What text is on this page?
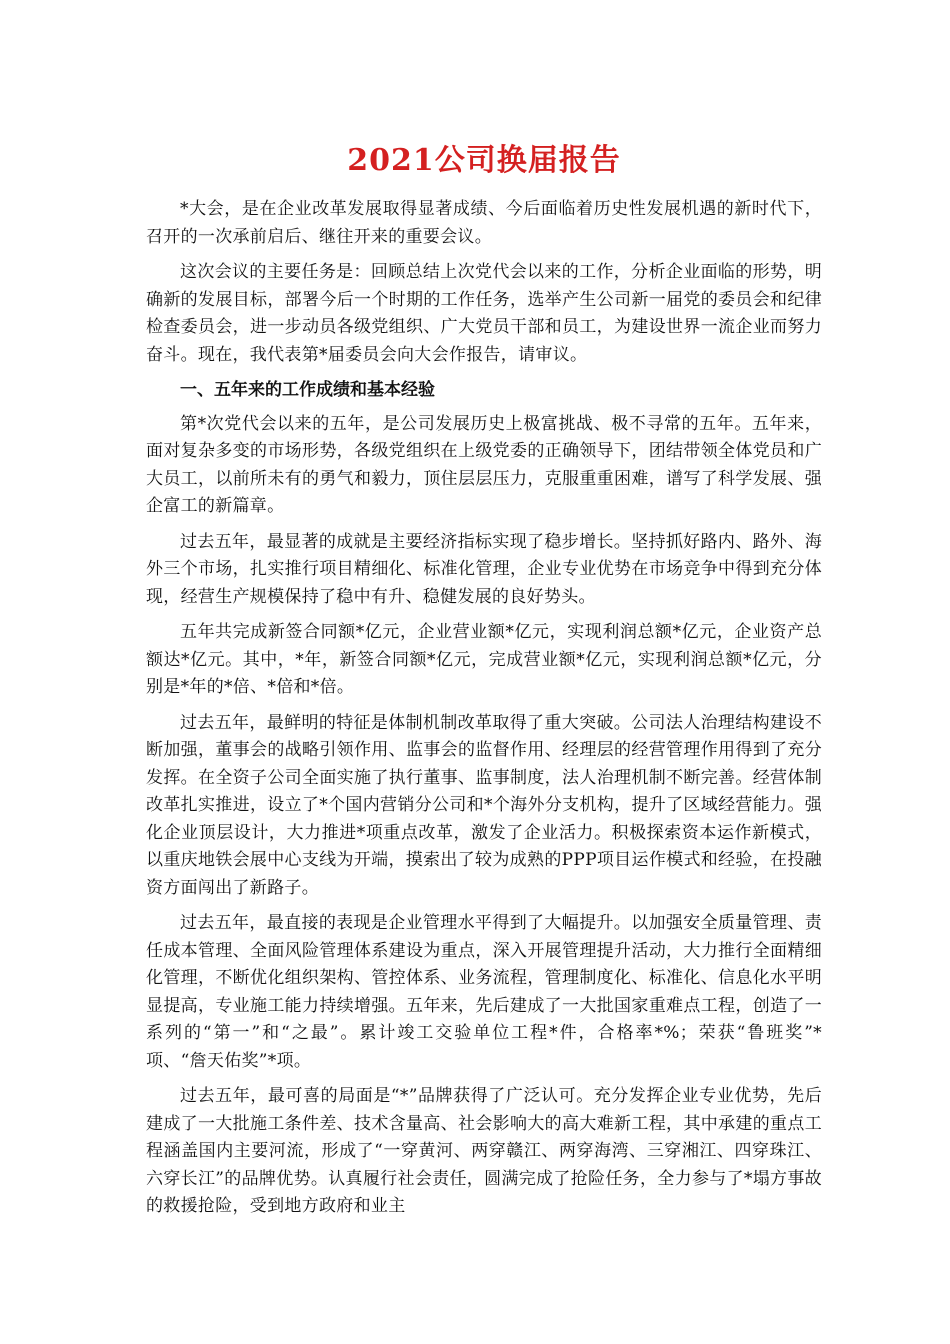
2021公司换届报告

*大会，是在企业改革发展取得显著成绩、今后面临着历史性发展机遇的新时代下，召开的一次承前启后、继往开来的重要会议。

这次会议的主要任务是：回顾总结上次党代会以来的工作，分析企业面临的形势，明确新的发展目标，部署今后一个时期的工作任务，选举产生公司新一届党的委员会和纪律检查委员会，进一步动员各级党组织、广大党员干部和员工，为建设世界一流企业而努力奋斗。现在，我代表第*届委员会向大会作报告，请审议。

一、五年来的工作成绩和基本经验

第*次党代会以来的五年，是公司发展历史上极富挑战、极不寻常的五年。五年来，面对复杂多变的市场形势，各级党组织在上级党委的正确领导下，团结带领全体党员和广大员工，以前所未有的勇气和毅力，顶住层层压力，克服重重困难，谱写了科学发展、强企富工的新篇章。

过去五年，最显著的成就是主要经济指标实现了稳步增长。坚持抓好路内、路外、海外三个市场，扎实推行项目精细化、标准化管理，企业专业优势在市场竞争中得到充分体现，经营生产规模保持了稳中有升、稳健发展的良好势头。

五年共完成新签合同额*亿元，企业营业额*亿元，实现利润总额*亿元，企业资产总额达*亿元。其中，*年，新签合同额*亿元，完成营业额*亿元，实现利润总额*亿元，分别是*年的*倍、*倍和*倍。

过去五年，最鲜明的特征是体制机制改革取得了重大突破。公司法人治理结构建设不断加强，董事会的战略引领作用、监事会的监督作用、经理层的经营管理作用得到了充分发挥。在全资子公司全面实施了执行董事、监事制度，法人治理机制不断完善。经营体制改革扎实推进，设立了*个国内营销分公司和*个海外分支机构，提升了区域经营能力。强化企业顶层设计，大力推进*项重点改革，激发了企业活力。积极探索资本运作新模式，以重庆地铁会展中心支线为开端，摸索出了较为成熟的PPP项目运作模式和经验，在投融资方面闯出了新路子。

过去五年，最直接的表现是企业管理水平得到了大幅提升。以加强安全质量管理、责任成本管理、全面风险管理体系建设为重点，深入开展管理提升活动，大力推行全面精细化管理，不断优化组织架构、管控体系、业务流程，管理制度化、标准化、信息化水平明显提高，专业施工能力持续增强。五年来，先后建成了一大批国家重难点工程，创造了一系列的“第一”和“之最”。累计竣工交验单位工程*件，合格率*%；荣获“鲁班奖”*项、“詹天佑奖”*项。

过去五年，最可喜的局面是“*”品牌获得了广泛认可。充分发挥企业专业优势，先后建成了一大批施工条件差、技术含量高、社会影响大的高大难新工程，其中承建的重点工程涵盖国内主要河流，形成了“一穿黄河、两穿赣江、两穿海湾、三穿湘江、四穿珠江、六穿长江”的品牌优势。认真履行社会责任，圆满完成了抢险任务，全力参与了*塌方事故的救援抢险，受到地方政府和业主
